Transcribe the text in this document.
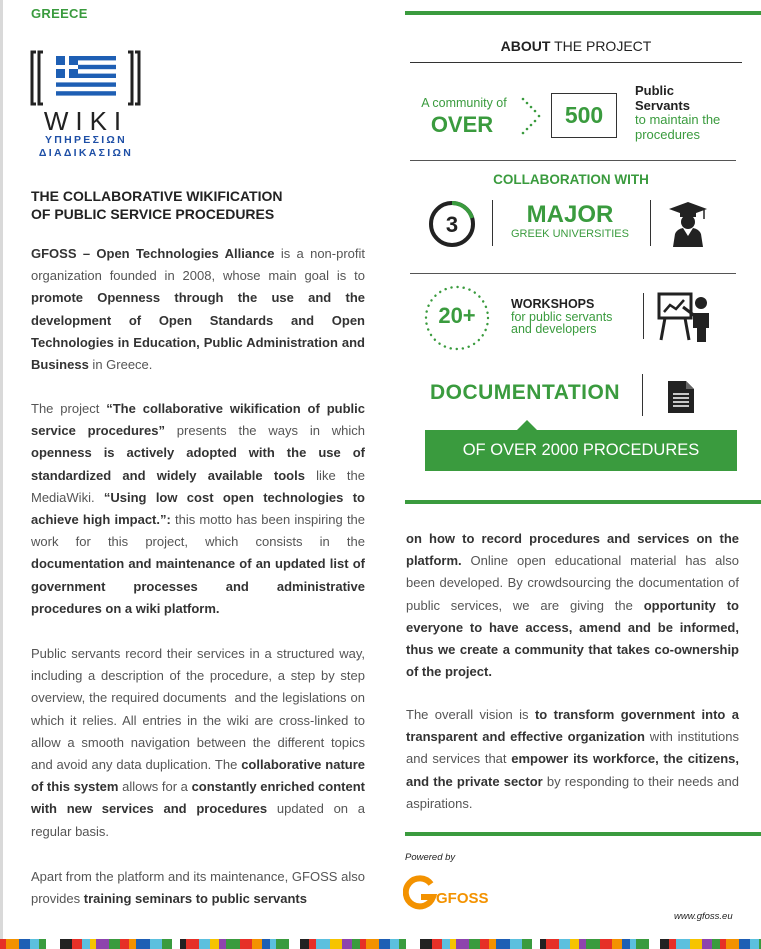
GREECE
WIKI
ΥΠΗΡΕΣΙΩΝ
ΔΙΑΔΙΚΑΣΙΩΝ
THE COLLABORATIVE WIKIFICATION
OF PUBLIC SERVICE PROCEDURES
GFOSS – Open Technologies Alliance is a non-profit organization founded in 2008, whose main goal is to promote Openness through the use and the development of Open Standards and Open Technologies in Education, Public Administration and Business in Greece.
The project “The collaborative wikification of public service procedures” presents the ways in which openness is actively adopted with the use of standardized and widely available tools like the MediaWiki. “Using low cost open technologies to achieve high impact.”: this motto has been inspiring the work for this project, which consists in the documentation and maintenance of an updated list of government processes and administrative procedures on a wiki platform.
Public servants record their services in a structured way, including a description of the procedure, a step by step overview, the required documents  and the legislations on which it relies. All entries in the wiki are cross-linked to allow a smooth navigation between the different topics and avoid any data duplication. The collaborative nature of this system allows for a constantly enriched content with new services and procedures updated on a regular basis.
Apart from the platform and its maintenance, GFOSS also provides training seminars to public servants
ABOUT THE PROJECT
A community of
OVER	500
Public
Servants
to maintain the
procedures
COLLABORATION WITH
3	MAJOR
GREEK UNIVERSITIES
20+	WORKSHOPS
for public servants
and developers
DOCUMENTATION
OF OVER 2000 PROCEDURES
on how to record procedures and services on the platform. Online open educational material has also been developed. By crowdsourcing the documentation of public services, we are giving the opportunity to everyone to have access, amend and be informed, thus we create a community that takes co-ownership of the project.
The overall vision is to transform government into a transparent and effective organization with institutions and services that empower its workforce, the citizens, and the private sector by responding to their needs and aspirations.
Powered by
GFOSS
www.gfoss.eu
